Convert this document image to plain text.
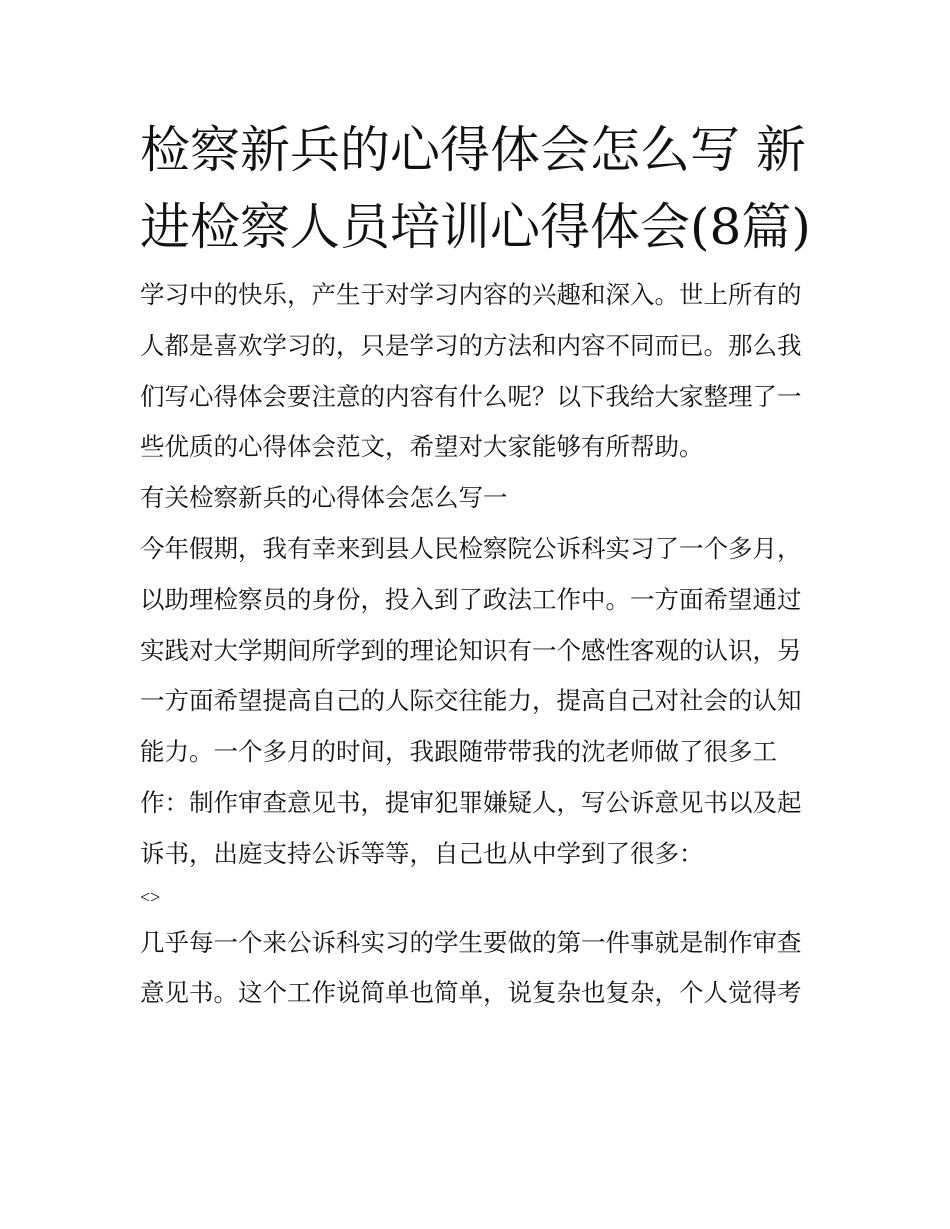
检察新兵的心得体会怎么写 新进检察人员培训心得体会(8篇)

学习中的快乐，产生于对学习内容的兴趣和深入。世上所有的人都是喜欢学习的，只是学习的方法和内容不同而已。那么我们写心得体会要注意的内容有什么呢？以下我给大家整理了一些优质的心得体会范文，希望对大家能够有所帮助。

有关检察新兵的心得体会怎么写一

今年假期，我有幸来到县人民检察院公诉科实习了一个多月，以助理检察员的身份，投入到了政法工作中。一方面希望通过实践对大学期间所学到的理论知识有一个感性客观的认识，另一方面希望提高自己的人际交往能力，提高自己对社会的认知能力。一个多月的时间，我跟随带带我的沈老师做了很多工作：制作审查意见书，提审犯罪嫌疑人，写公诉意见书以及起诉书，出庭支持公诉等等，自己也从中学到了很多：

<>

几乎每一个来公诉科实习的学生要做的第一件事就是制作审查意见书。这个工作说简单也简单，说复杂也复杂，个人觉得考
